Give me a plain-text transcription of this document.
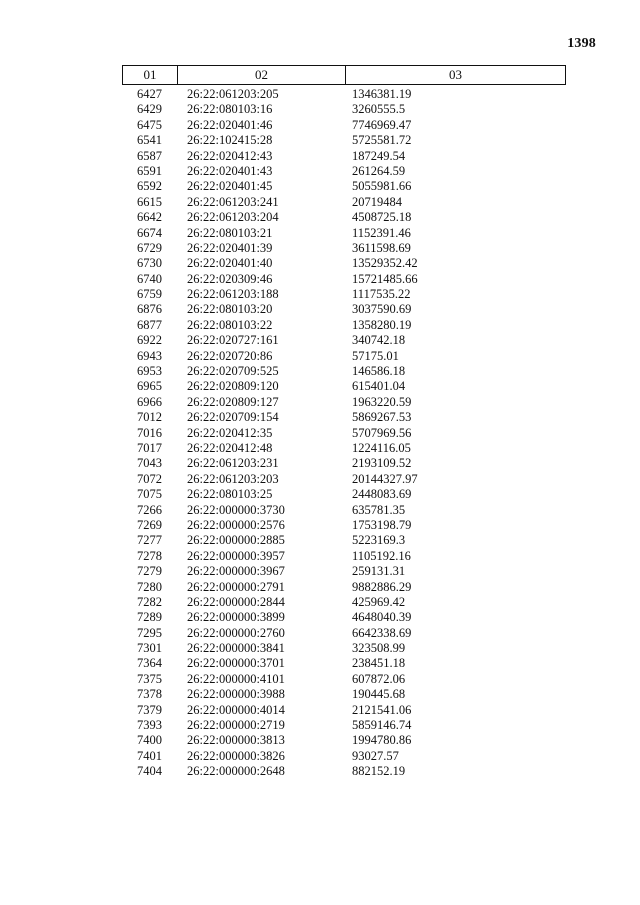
1398
01	02	03
6427	26:22:061203:205	1346381.19
6429	26:22:080103:16	3260555.5
6475	26:22:020401:46	7746969.47
6541	26:22:102415:28	5725581.72
6587	26:22:020412:43	187249.54
6591	26:22:020401:43	261264.59
6592	26:22:020401:45	5055981.66
6615	26:22:061203:241	20719484
6642	26:22:061203:204	4508725.18
6674	26:22:080103:21	1152391.46
6729	26:22:020401:39	3611598.69
6730	26:22:020401:40	13529352.42
6740	26:22:020309:46	15721485.66
6759	26:22:061203:188	1117535.22
6876	26:22:080103:20	3037590.69
6877	26:22:080103:22	1358280.19
6922	26:22:020727:161	340742.18
6943	26:22:020720:86	57175.01
6953	26:22:020709:525	146586.18
6965	26:22:020809:120	615401.04
6966	26:22:020809:127	1963220.59
7012	26:22:020709:154	5869267.53
7016	26:22:020412:35	5707969.56
7017	26:22:020412:48	1224116.05
7043	26:22:061203:231	2193109.52
7072	26:22:061203:203	20144327.97
7075	26:22:080103:25	2448083.69
7266	26:22:000000:3730	635781.35
7269	26:22:000000:2576	1753198.79
7277	26:22:000000:2885	5223169.3
7278	26:22:000000:3957	1105192.16
7279	26:22:000000:3967	259131.31
7280	26:22:000000:2791	9882886.29
7282	26:22:000000:2844	425969.42
7289	26:22:000000:3899	4648040.39
7295	26:22:000000:2760	6642338.69
7301	26:22:000000:3841	323508.99
7364	26:22:000000:3701	238451.18
7375	26:22:000000:4101	607872.06
7378	26:22:000000:3988	190445.68
7379	26:22:000000:4014	2121541.06
7393	26:22:000000:2719	5859146.74
7400	26:22:000000:3813	1994780.86
7401	26:22:000000:3826	93027.57
7404	26:22:000000:2648	882152.19
